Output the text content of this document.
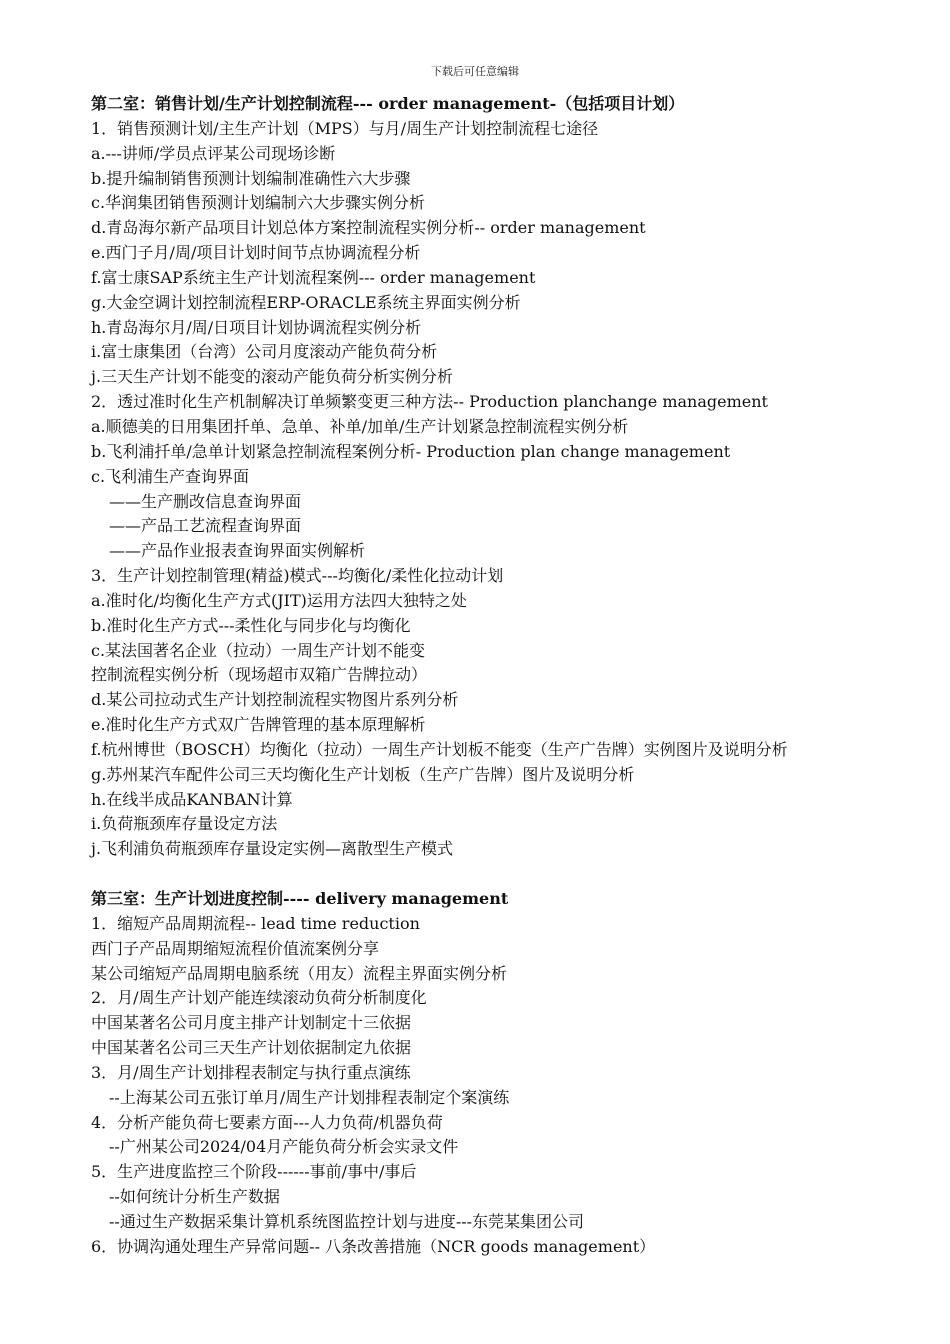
下载后可任意编辑
第二室：销售计划/生产计划控制流程--- order management-（包括项目计划）
1．销售预测计划/主生产计划（MPS）与月/周生产计划控制流程七途径
a.---讲师/学员点评某公司现场诊断
b.提升编制销售预测计划编制准确性六大步骤
c.华润集团销售预测计划编制六大步骤实例分析
d.青岛海尔新产品项目计划总体方案控制流程实例分析-- order management
e.西门子月/周/项目计划时间节点协调流程分析
f.富士康SAP系统主生产计划流程案例--- order management
g.大金空调计划控制流程ERP-ORACLE系统主界面实例分析
h.青岛海尔月/周/日项目计划协调流程实例分析
i.富士康集团（台湾）公司月度滚动产能负荷分析
j.三天生产计划不能变的滚动产能负荷分析实例分析
2．透过准时化生产机制解决订单频繁变更三种方法-- Production planchange management
a.顺德美的日用集团扦单、急单、补单/加单/生产计划紧急控制流程实例分析
b.飞利浦扦单/急单计划紧急控制流程案例分析- Production plan change management
c.飞利浦生产查询界面
——生产删改信息查询界面
——产品工艺流程查询界面
——产品作业报表查询界面实例解析
3．生产计划控制管理(精益)模式---均衡化/柔性化拉动计划
a.准时化/均衡化生产方式(JIT)运用方法四大独特之处
b.准时化生产方式---柔性化与同步化与均衡化
c.某法国著名企业（拉动）一周生产计划不能变
控制流程实例分析（现场超市双箱广告牌拉动）
d.某公司拉动式生产计划控制流程实物图片系列分析
e.准时化生产方式双广告牌管理的基本原理解析
f.杭州博世（BOSCH）均衡化（拉动）一周生产计划板不能变（生产广告牌）实例图片及说明分析
g.苏州某汽车配件公司三天均衡化生产计划板（生产广告牌）图片及说明分析
h.在线半成品KANBAN计算
i.负荷瓶颈库存量设定方法
j.飞利浦负荷瓶颈库存量设定实例—离散型生产模式
第三室：生产计划进度控制---- delivery management
1．缩短产品周期流程-- lead time reduction
西门子产品周期缩短流程价值流案例分享
某公司缩短产品周期电脑系统（用友）流程主界面实例分析
2．月/周生产计划产能连续滚动负荷分析制度化
中国某著名公司月度主排产计划制定十三依据
中国某著名公司三天生产计划依据制定九依据
3．月/周生产计划排程表制定与执行重点演练
--上海某公司五张订单月/周生产计划排程表制定个案演练
4．分析产能负荷七要素方面---人力负荷/机器负荷
--广州某公司2024/04月产能负荷分析会实录文件
5．生产进度监控三个阶段------事前/事中/事后
--如何统计分析生产数据
--通过生产数据采集计算机系统图监控计划与进度---东莞某集团公司
6．协调沟通处理生产异常问题-- 八条改善措施（NCR goods management）
